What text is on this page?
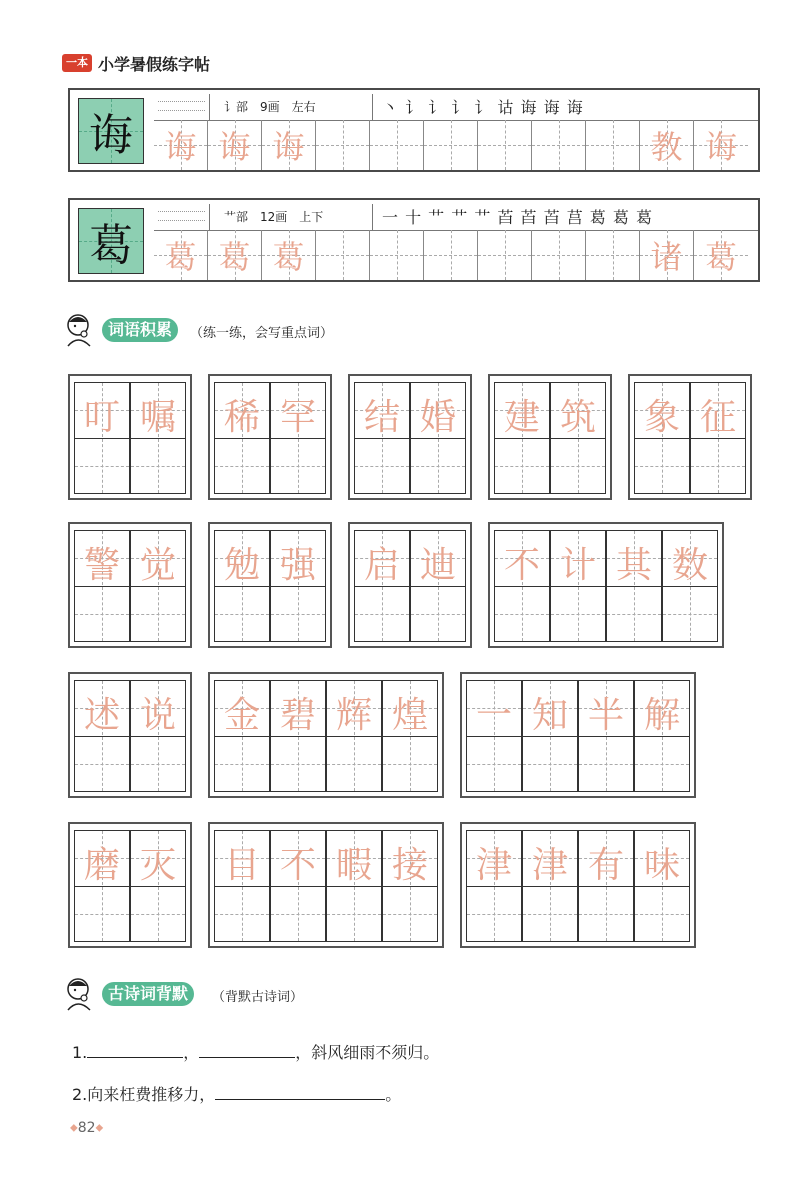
一本 小学暑假练字帖
诲
讠部　9画　左右	丶 讠 讠 讠 讠 诂 诲 诲 诲
诲 诲 诲	教 诲
葛
艹部　12画　上下	一 十 艹 艹 艹 苩 苩 苩 莒 葛 葛 葛
葛 葛 葛	诸 葛
词语积累	（练一练，会写重点词）
叮 嘱 稀 罕 结 婚 建 筑 象 征
警 觉 勉 强 启 迪 不 计 其 数
述 说 金 碧 辉 煌 一 知 半 解
磨 灭 目 不 暇 接 津 津 有 味
古诗词背默	（背默古诗词）
1.	，	，斜风细雨不须归。
2.向来枉费推移力，	。
◆82◆
